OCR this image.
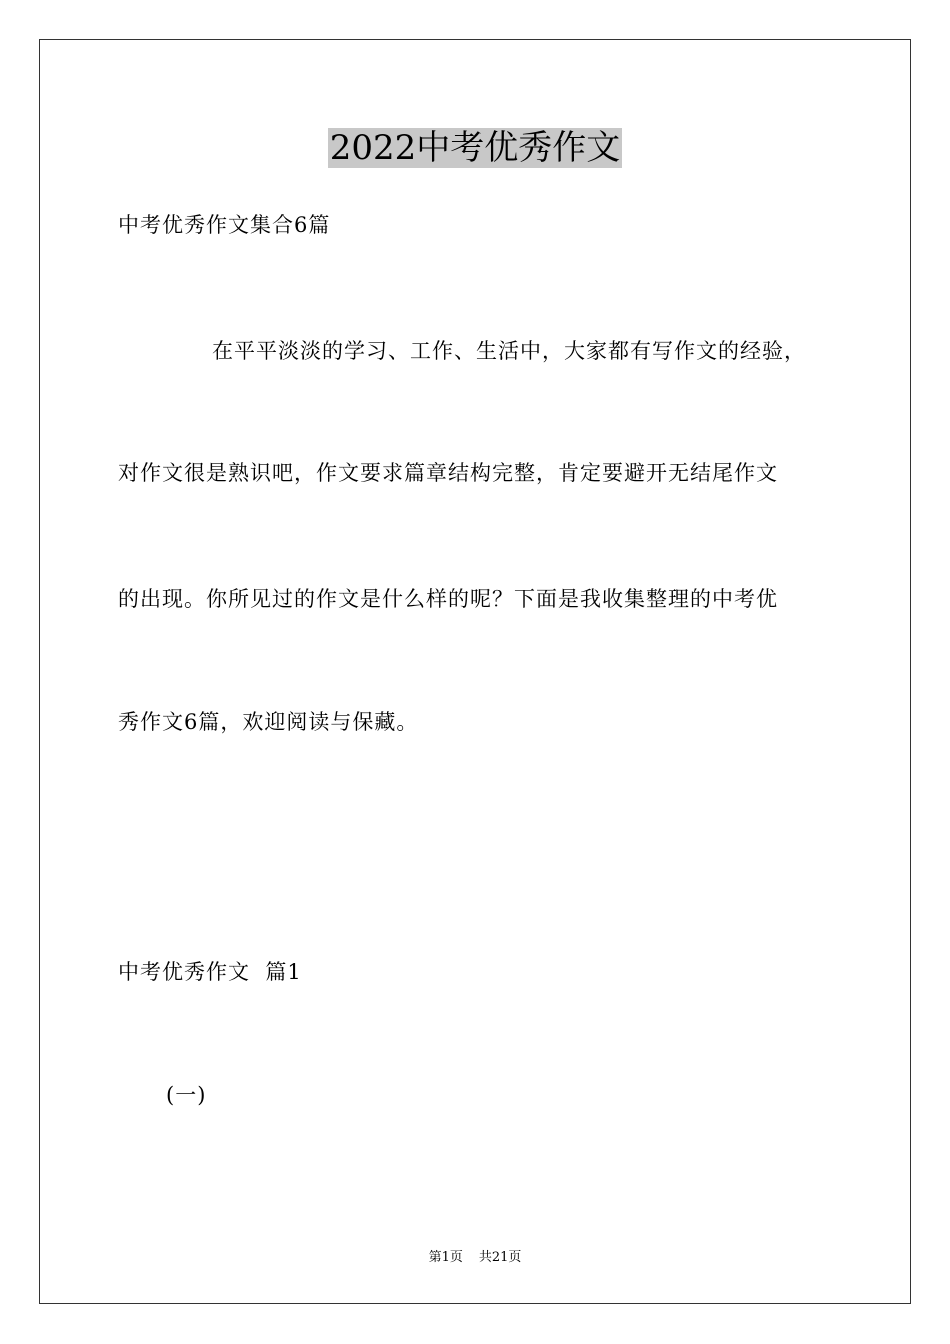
2022中考优秀作文
中考优秀作文集合6篇
在平平淡淡的学习、工作、生活中，大家都有写作文的经验，
对作文很是熟识吧，作文要求篇章结构完整，肯定要避开无结尾作文
的出现。你所见过的作文是什么样的呢？下面是我收集整理的中考优
秀作文6篇，欢迎阅读与保藏。
中考优秀作文  篇1
(一)
第1页 共21页
